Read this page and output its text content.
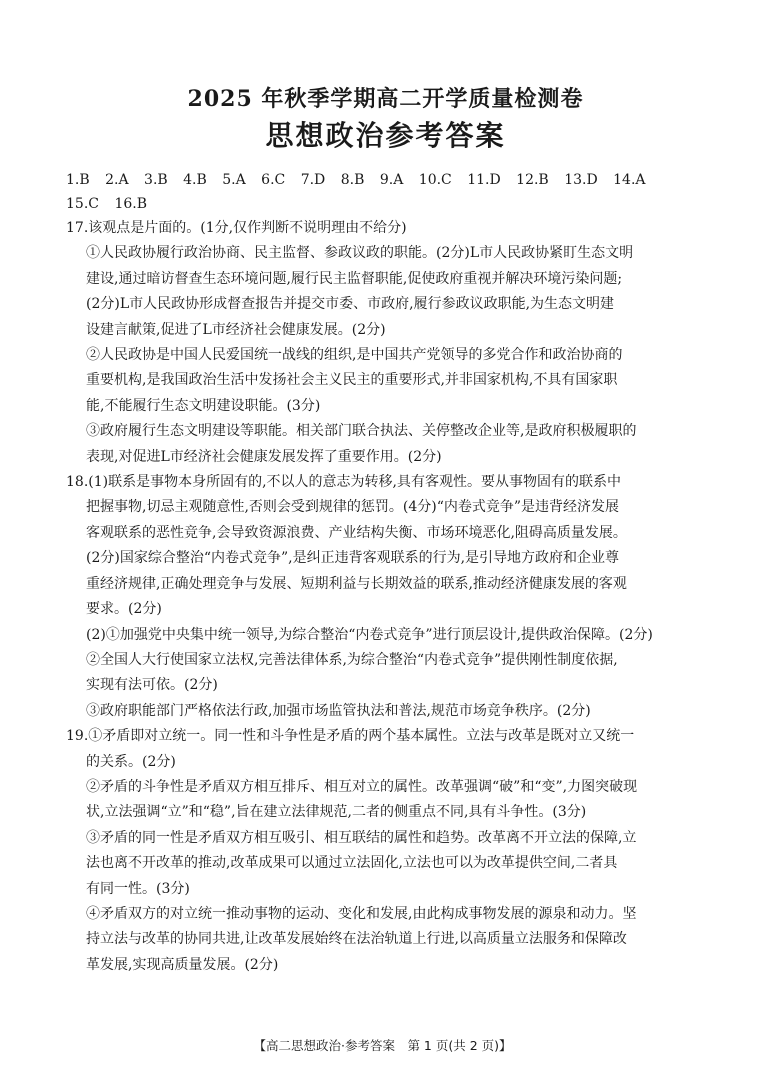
2025 年秋季学期高二开学质量检测卷
思想政治参考答案
1.B 2.A 3.B 4.B 5.A 6.C 7.D 8.B 9.A 10.C 11.D 12.B 13.D 14.A
15.C 16.B
17.该观点是片面的。(1分,仅作判断不说明理由不给分)
①人民政协履行政治协商、民主监督、参政议政的职能。(2分)L市人民政协紧盯生态文明
建设,通过暗访督查生态环境问题,履行民主监督职能,促使政府重视并解决环境污染问题;
(2分)L市人民政协形成督查报告并提交市委、市政府,履行参政议政职能,为生态文明建
设建言献策,促进了L市经济社会健康发展。(2分)
②人民政协是中国人民爱国统一战线的组织,是中国共产党领导的多党合作和政治协商的
重要机构,是我国政治生活中发扬社会主义民主的重要形式,并非国家机构,不具有国家职
能,不能履行生态文明建设职能。(3分)
③政府履行生态文明建设等职能。相关部门联合执法、关停整改企业等,是政府积极履职的
表现,对促进L市经济社会健康发展发挥了重要作用。(2分)
18.(1)联系是事物本身所固有的,不以人的意志为转移,具有客观性。要从事物固有的联系中
把握事物,切忌主观随意性,否则会受到规律的惩罚。(4分)“内卷式竞争”是违背经济发展
客观联系的恶性竞争,会导致资源浪费、产业结构失衡、市场环境恶化,阻碍高质量发展。
(2分)国家综合整治“内卷式竞争”,是纠正违背客观联系的行为,是引导地方政府和企业尊
重经济规律,正确处理竞争与发展、短期利益与长期效益的联系,推动经济健康发展的客观
要求。(2分)
(2)①加强党中央集中统一领导,为综合整治“内卷式竞争”进行顶层设计,提供政治保障。(2分)
②全国人大行使国家立法权,完善法律体系,为综合整治“内卷式竞争”提供刚性制度依据,
实现有法可依。(2分)
③政府职能部门严格依法行政,加强市场监管执法和普法,规范市场竞争秩序。(2分)
19.①矛盾即对立统一。同一性和斗争性是矛盾的两个基本属性。立法与改革是既对立又统一
的关系。(2分)
②矛盾的斗争性是矛盾双方相互排斥、相互对立的属性。改革强调“破”和“变”,力图突破现
状,立法强调“立”和“稳”,旨在建立法律规范,二者的侧重点不同,具有斗争性。(3分)
③矛盾的同一性是矛盾双方相互吸引、相互联结的属性和趋势。改革离不开立法的保障,立
法也离不开改革的推动,改革成果可以通过立法固化,立法也可以为改革提供空间,二者具
有同一性。(3分)
④矛盾双方的对立统一推动事物的运动、变化和发展,由此构成事物发展的源泉和动力。坚
持立法与改革的协同共进,让改革发展始终在法治轨道上行进,以高质量立法服务和保障改
革发展,实现高质量发展。(2分)
【高二思想政治·参考答案　第 1 页(共 2 页)】
